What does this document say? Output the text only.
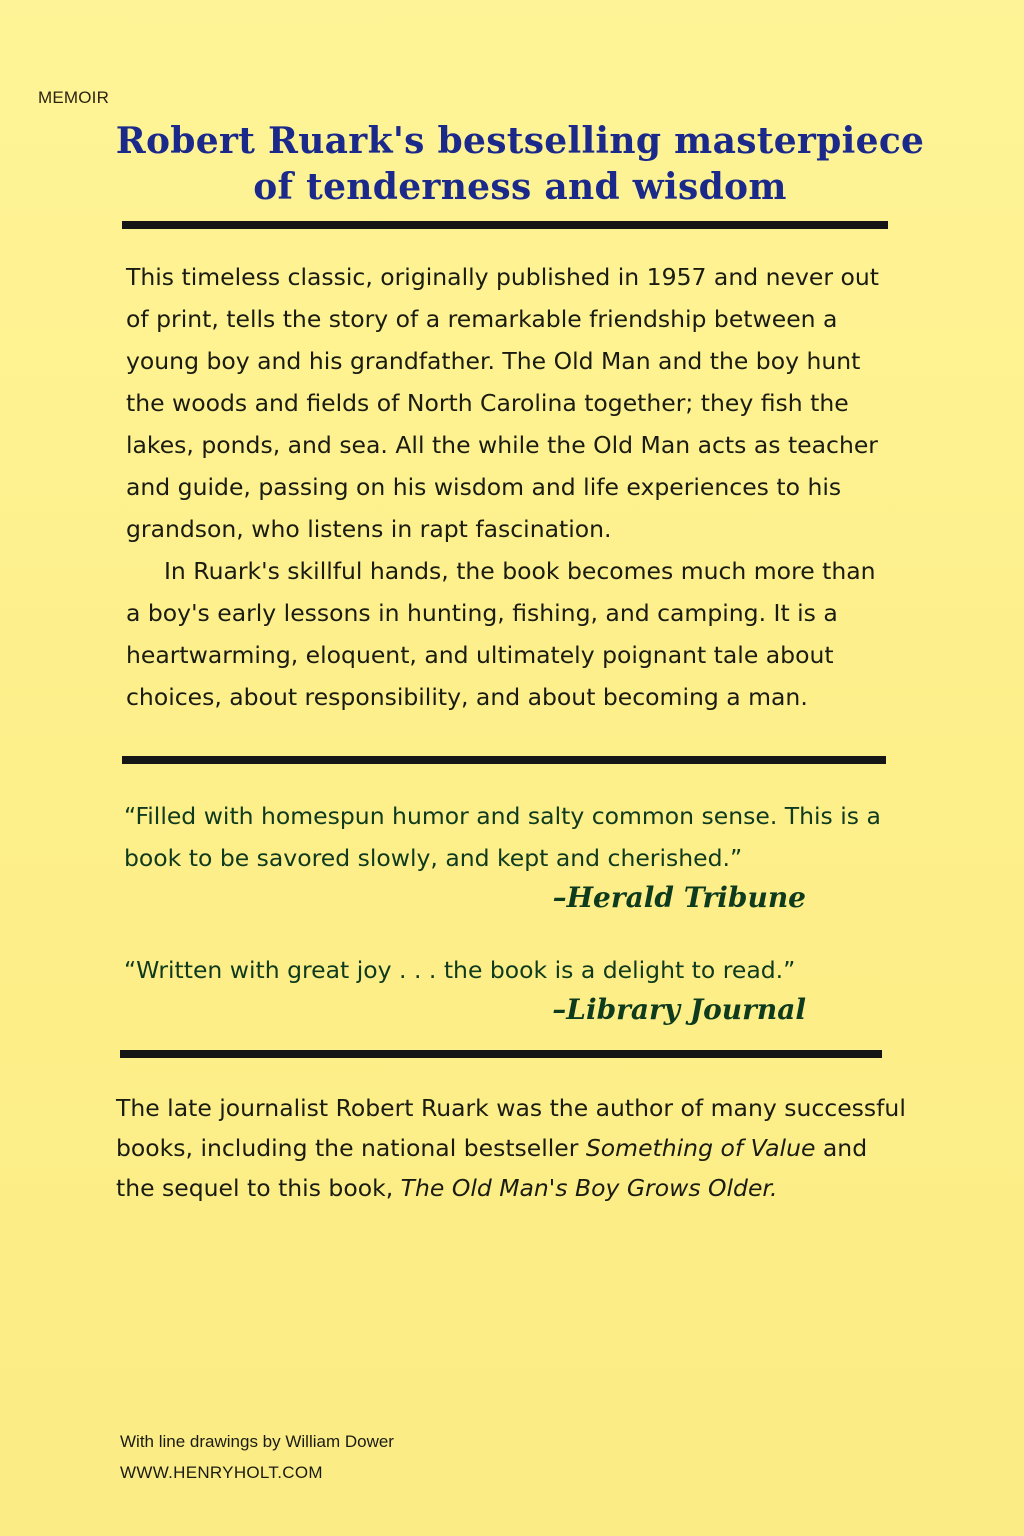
MEMOIR
Robert Ruark's bestselling masterpiece
of tenderness and wisdom

This timeless classic, originally published in 1957 and never out of print, tells the story of a remarkable friendship between a young boy and his grandfather. The Old Man and the boy hunt the woods and fields of North Carolina together; they fish the lakes, ponds, and sea. All the while the Old Man acts as teacher and guide, passing on his wisdom and life experiences to his grandson, who listens in rapt fascination.

In Ruark's skillful hands, the book becomes much more than a boy's early lessons in hunting, fishing, and camping. It is a heartwarming, eloquent, and ultimately poignant tale about choices, about responsibility, and about becoming a man.

“Filled with homespun humor and salty common sense. This is a book to be savored slowly, and kept and cherished.”

–Herald Tribune

“Written with great joy . . . the book is a delight to read.”

–Library Journal

The late journalist Robert Ruark was the author of many successful books, including the national bestseller Something of Value and the sequel to this book, The Old Man's Boy Grows Older.

With line drawings by William Dower
WWW.HENRYHOLT.COM
